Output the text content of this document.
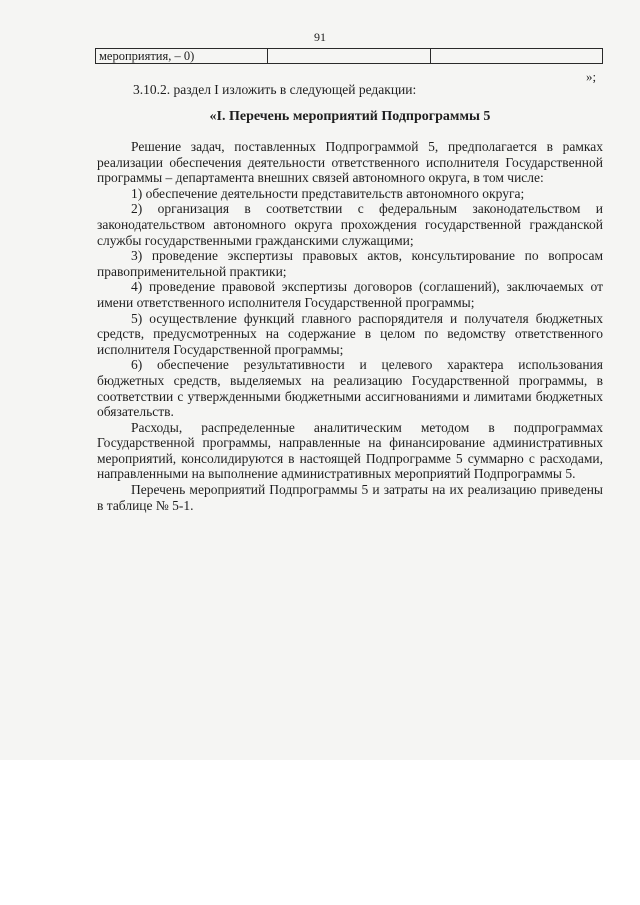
91
мероприятия, – 0)
»;
3.10.2. раздел I изложить в следующей редакции:
«I. Перечень мероприятий Подпрограммы 5

Решение задач, поставленных Подпрограммой 5, предполагается в рамках реализации обеспечения деятельности ответственного исполнителя Государственной программы – департамента внешних связей автономного округа, в том числе:

1) обеспечение деятельности представительств автономного округа;

2) организация в соответствии с федеральным законодательством и законодательством автономного округа прохождения государственной гражданской службы государственными гражданскими служащими;

3) проведение экспертизы правовых актов, консультирование по вопросам правоприменительной практики;

4) проведение правовой экспертизы договоров (соглашений), заключаемых от имени ответственного исполнителя Государственной программы;

5) осуществление функций главного распорядителя и получателя бюджетных средств, предусмотренных на содержание в целом по ведомству ответственного исполнителя Государственной программы;

6) обеспечение результативности и целевого характера использования бюджетных средств, выделяемых на реализацию Государственной программы, в соответствии с утвержденными бюджетными ассигнованиями и лимитами бюджетных обязательств.

Расходы, распределенные аналитическим методом в подпрограммах Государственной программы, направленные на финансирование административных мероприятий, консолидируются в настоящей Подпрограмме 5 суммарно с расходами, направленными на выполнение административных мероприятий Подпрограммы 5.

Перечень мероприятий Подпрограммы 5 и затраты на их реализацию приведены в таблице № 5-1.
